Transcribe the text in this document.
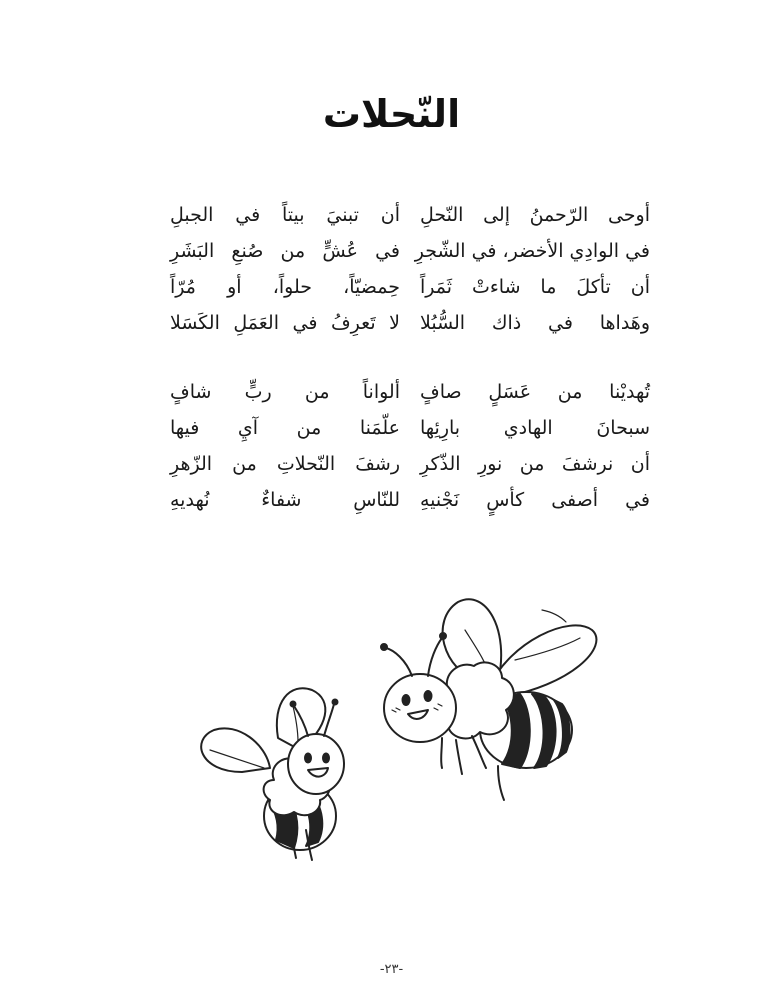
النّحلات
أوحى الرّحمنُ إلى النّحلِ
أن تبنيَ بيتاً في الجبلِ
في الوادِي الأخضر، في الشّجرِ
في عُشٍّ من صُنعِ البَشَرِ
أن تأكلَ ما شاءتْ ثَمَراً
حِمضيّاً، حلواً، أو مُرّاً
وهَداها في ذاك السُّبُلا
لا تَعرِفُ في العَمَلِ الكَسَلا
تُهديْنا من عَسَلٍ صافٍ
ألواناً من ربٍّ شافٍ
سبحانَ الهادي بارِئِها
علّمَنا من آيِ فيها
أن نرشفَ من نورِ الذّكرِ
رشفَ النّحلاتِ من الزّهرِ
في أصفى كأسٍ نَجْنيهِ
للنّاسِ شفاءٌ نُهديهِ
-٢٣-
